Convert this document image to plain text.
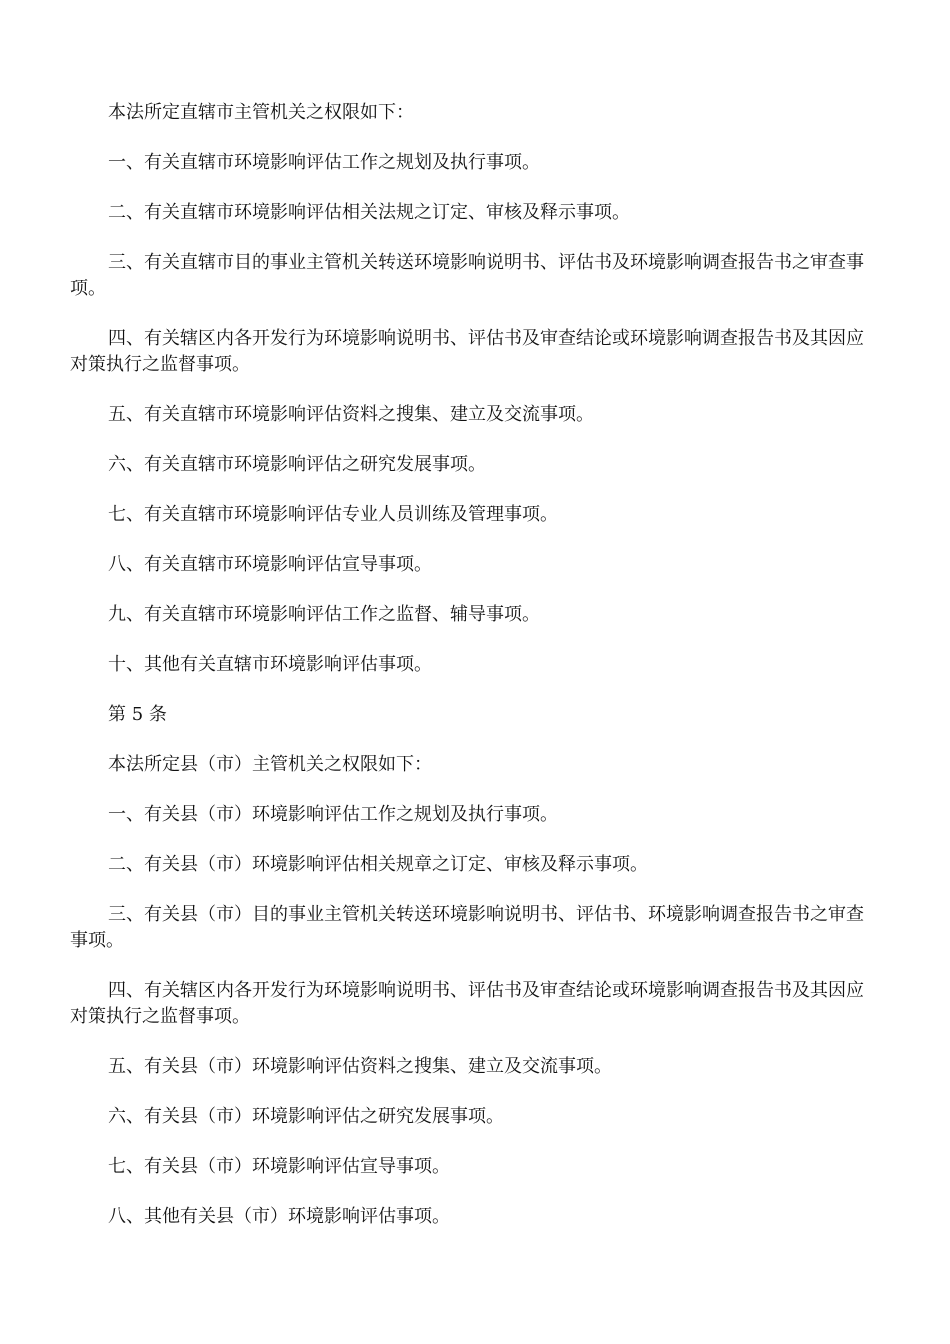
本法所定直辖市主管机关之权限如下：

一、有关直辖市环境影响评估工作之规划及执行事项。

二、有关直辖市环境影响评估相关法规之订定、审核及释示事项。

三、有关直辖市目的事业主管机关转送环境影响说明书、评估书及环境影响调查报告书之审查事项。

四、有关辖区内各开发行为环境影响说明书、评估书及审查结论或环境影响调查报告书及其因应对策执行之监督事项。

五、有关直辖市环境影响评估资料之搜集、建立及交流事项。

六、有关直辖市环境影响评估之研究发展事项。

七、有关直辖市环境影响评估专业人员训练及管理事项。

八、有关直辖市环境影响评估宣导事项。

九、有关直辖市环境影响评估工作之监督、辅导事项。

十、其他有关直辖市环境影响评估事项。

第 5 条

本法所定县（市）主管机关之权限如下：

一、有关县（市）环境影响评估工作之规划及执行事项。

二、有关县（市）环境影响评估相关规章之订定、审核及释示事项。

三、有关县（市）目的事业主管机关转送环境影响说明书、评估书、环境影响调查报告书之审查事项。

四、有关辖区内各开发行为环境影响说明书、评估书及审查结论或环境影响调查报告书及其因应对策执行之监督事项。

五、有关县（市）环境影响评估资料之搜集、建立及交流事项。

六、有关县（市）环境影响评估之研究发展事项。

七、有关县（市）环境影响评估宣导事项。

八、其他有关县（市）环境影响评估事项。
